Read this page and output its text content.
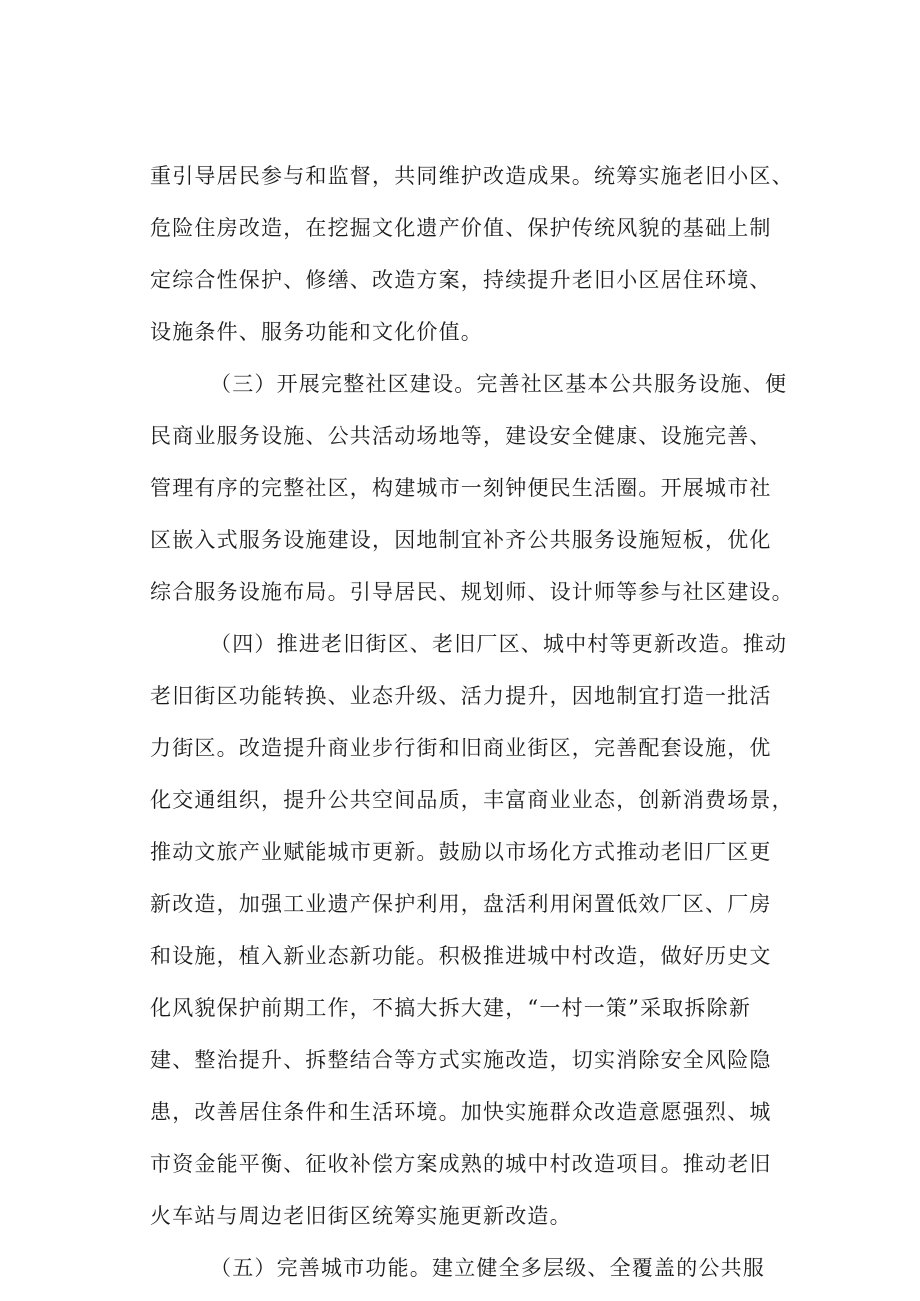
重引导居民参与和监督，共同维护改造成果。统筹实施老旧小区、
危险住房改造，在挖掘文化遗产价值、保护传统风貌的基础上制
定综合性保护、修缮、改造方案，持续提升老旧小区居住环境、
设施条件、服务功能和文化价值。
（三）开展完整社区建设。完善社区基本公共服务设施、便
民商业服务设施、公共活动场地等，建设安全健康、设施完善、
管理有序的完整社区，构建城市一刻钟便民生活圈。开展城市社
区嵌入式服务设施建设，因地制宜补齐公共服务设施短板，优化
综合服务设施布局。引导居民、规划师、设计师等参与社区建设。
（四）推进老旧街区、老旧厂区、城中村等更新改造。推动
老旧街区功能转换、业态升级、活力提升，因地制宜打造一批活
力街区。改造提升商业步行街和旧商业街区，完善配套设施，优
化交通组织，提升公共空间品质，丰富商业业态，创新消费场景，
推动文旅产业赋能城市更新。鼓励以市场化方式推动老旧厂区更
新改造，加强工业遗产保护利用，盘活利用闲置低效厂区、厂房
和设施，植入新业态新功能。积极推进城中村改造，做好历史文
化风貌保护前期工作，不搞大拆大建，“一村一策”采取拆除新
建、整治提升、拆整结合等方式实施改造，切实消除安全风险隐
患，改善居住条件和生活环境。加快实施群众改造意愿强烈、城
市资金能平衡、征收补偿方案成熟的城中村改造项目。推动老旧
火车站与周边老旧街区统筹实施更新改造。
（五）完善城市功能。建立健全多层级、全覆盖的公共服
